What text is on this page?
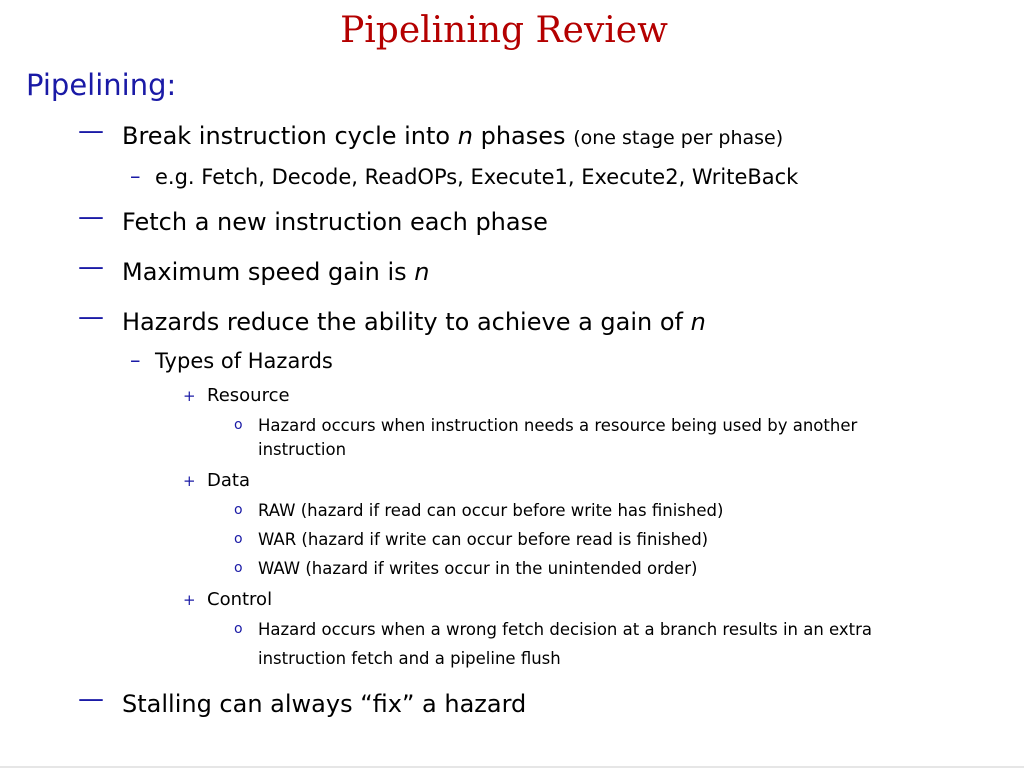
Pipelining Review
Pipelining:
— Break instruction cycle into n phases (one stage per phase)
– e.g. Fetch, Decode, ReadOPs, Execute1, Execute2, WriteBack
— Fetch a new instruction each phase
— Maximum speed gain is n
— Hazards reduce the ability to achieve a gain of n
– Types of Hazards
+ Resource
o Hazard occurs when instruction needs a resource being used by another
instruction
+ Data
o RAW (hazard if read can occur before write has finished)
o WAR (hazard if write can occur before read is finished)
o WAW (hazard if writes occur in the unintended order)
+ Control
o Hazard occurs when a wrong fetch decision at a branch results in an extra
instruction fetch and a pipeline flush
— Stalling can always “fix” a hazard
